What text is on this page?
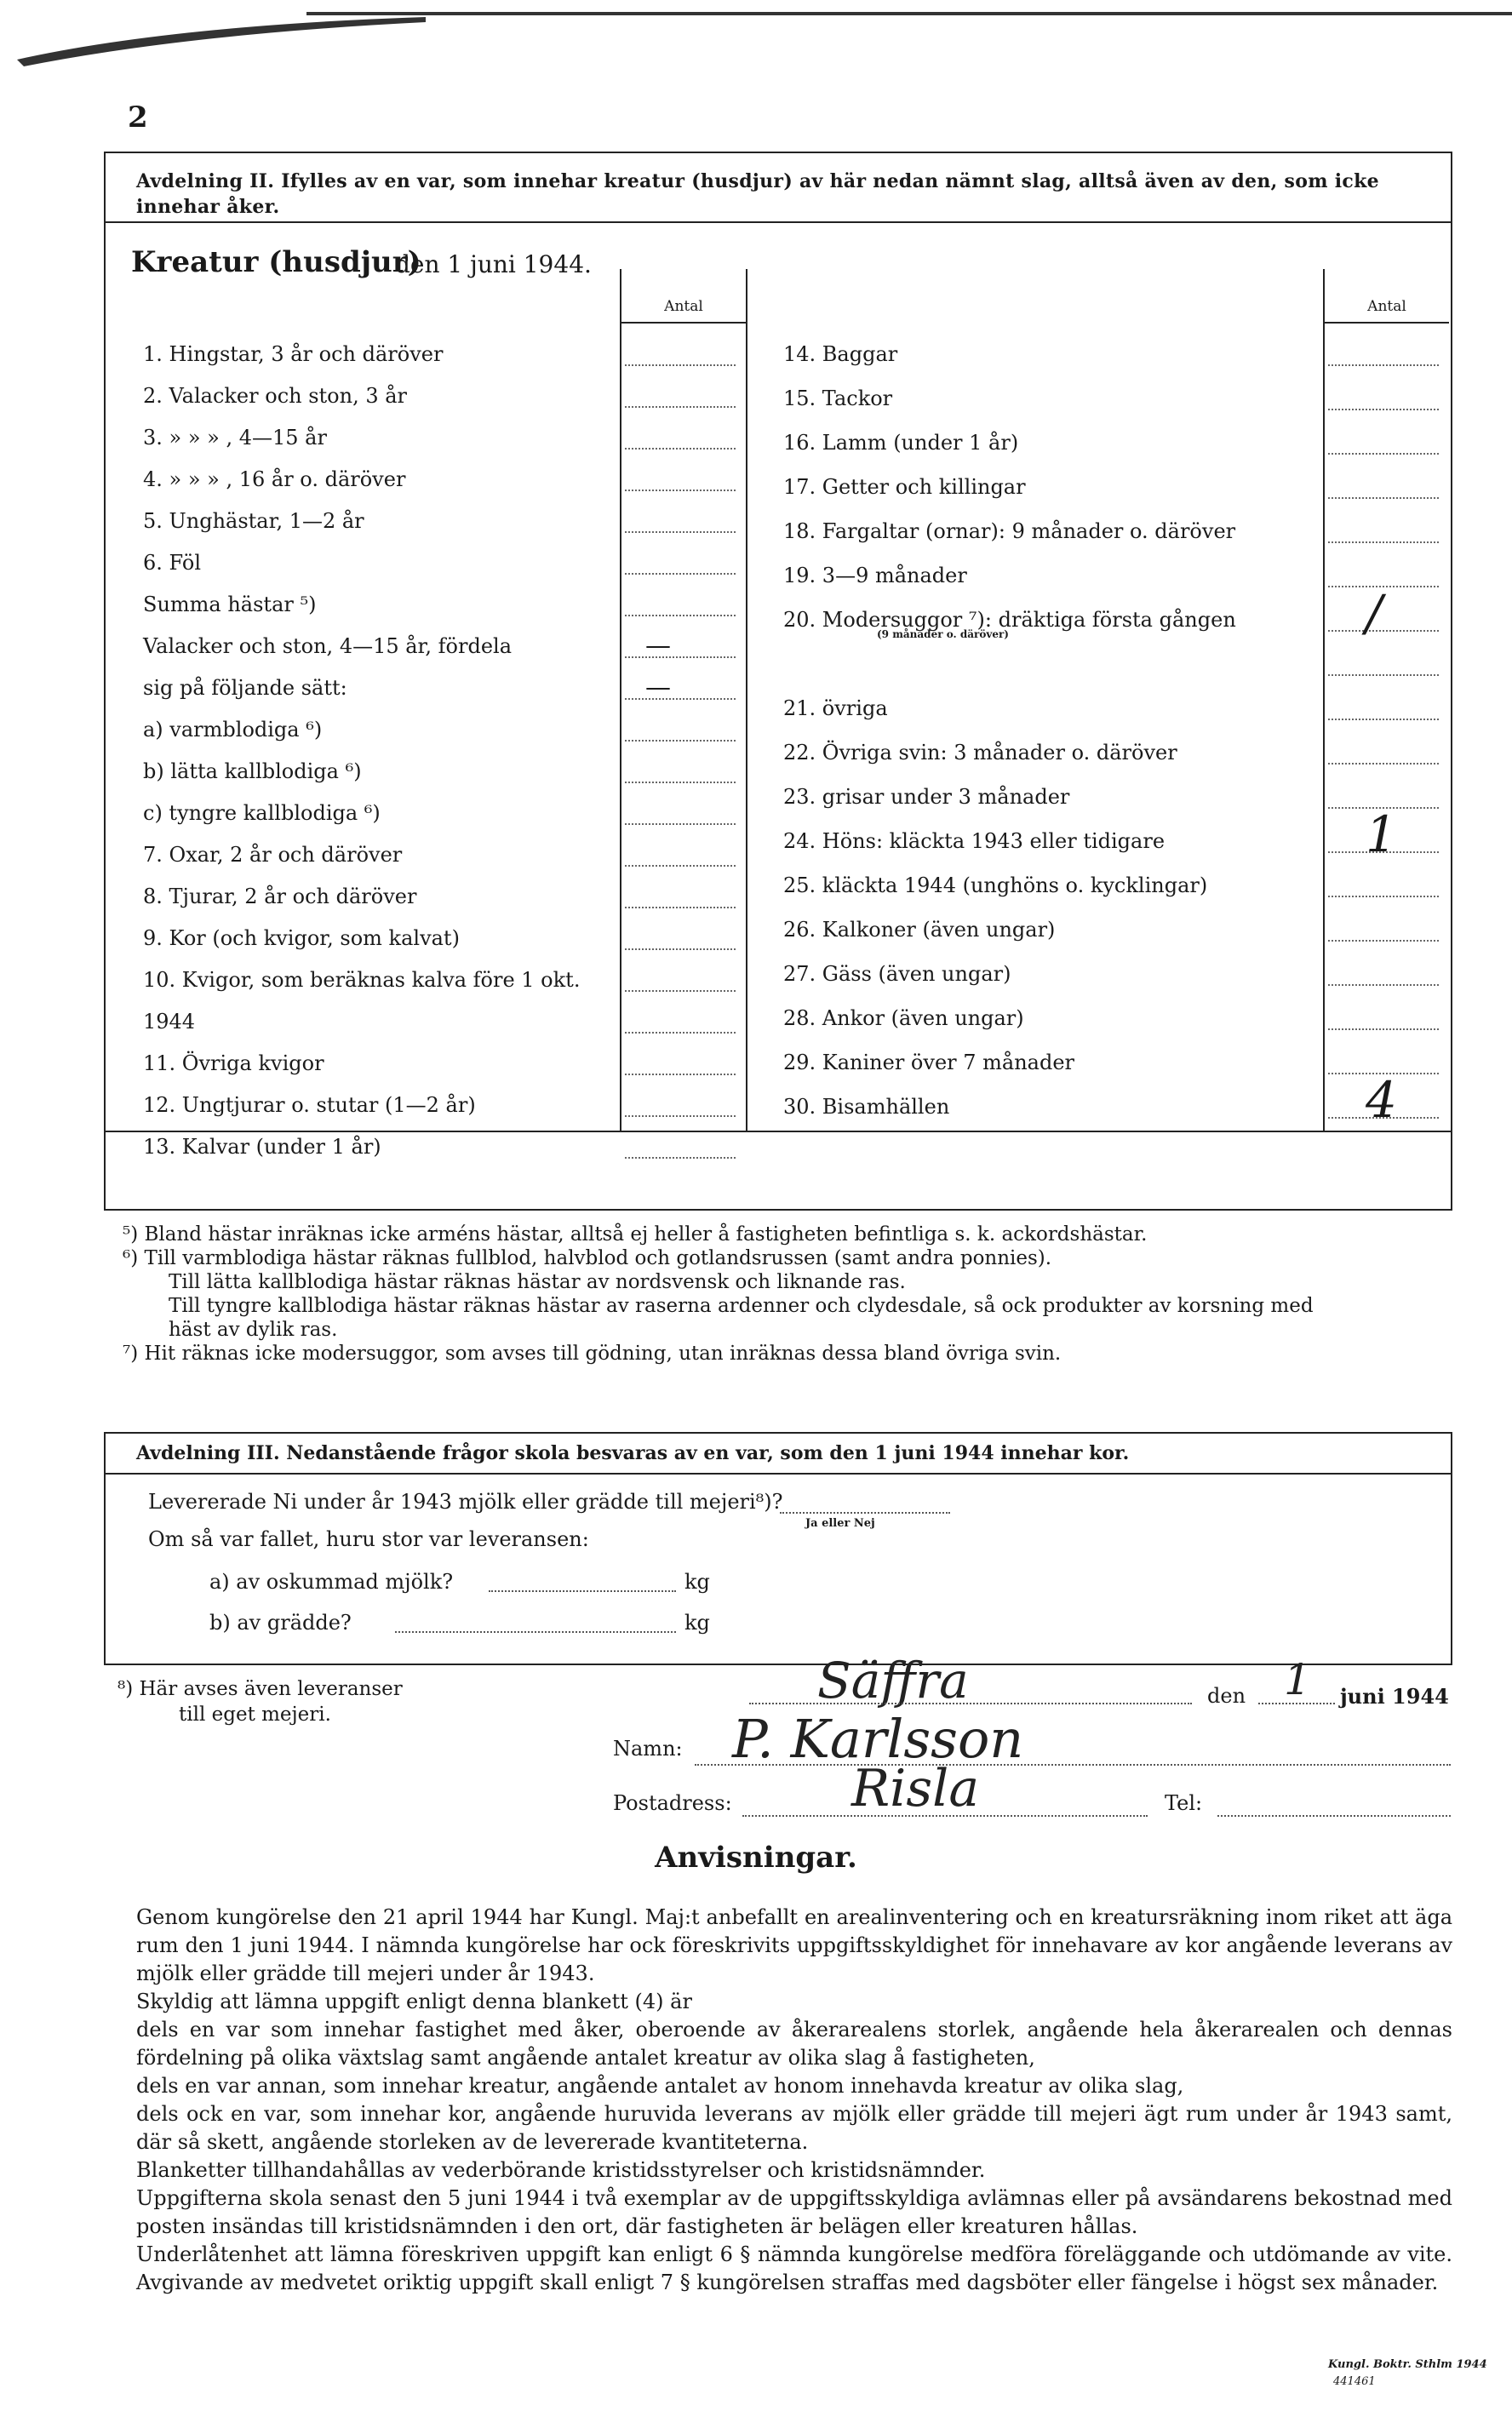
2
Avdelning II. Ifylles av en var, som innehar kreatur (husdjur) av här nedan nämnt slag, alltså även av den, som icke innehar åker.
Kreatur (husdjur)
den 1 juni 1944.
Antal	Antal
1. Hingstar, 3 år och däröver
2. Valacker och ston, 3 år
3. » » » , 4—15 år
4. » » » , 16 år o. däröver
5. Unghästar, 1—2 år
6. Föl
Summa hästar ⁵)
Valacker och ston, 4—15 år, fördela	—
sig på följande sätt:	—
a) varmblodiga ⁶)
b) lätta kallblodiga ⁶)
c) tyngre kallblodiga ⁶)
7. Oxar, 2 år och däröver
8. Tjurar, 2 år och däröver
9. Kor (och kvigor, som kalvat)
10. Kvigor, som beräknas kalva före 1 okt.
1944
11. Övriga kvigor
12. Ungtjurar o. stutar (1—2 år)
13. Kalvar (under 1 år)
14. Baggar
15. Tackor
16. Lamm (under 1 år)
17. Getter och killingar
18. Fargaltar (ornar): 9 månader o. däröver
19. 3—9 månader
20. Modersuggor ⁷): dräktiga första gången	/
(9 månader o. däröver)
21. övriga
22. Övriga svin: 3 månader o. däröver
23. grisar under 3 månader
24. Höns: kläckta 1943 eller tidigare	1
25. kläckta 1944 (unghöns o. kycklingar)
26. Kalkoner (även ungar)
27. Gäss (även ungar)
28. Ankor (även ungar)
29. Kaniner över 7 månader
30. Bisamhällen	4
⁵) Bland hästar inräknas icke arméns hästar, alltså ej heller å fastigheten befintliga s. k. ackordshästar.
⁶) Till varmblodiga hästar räknas fullblod, halvblod och gotlandsrussen (samt andra ponnies).
Till lätta kallblodiga hästar räknas hästar av nordsvensk och liknande ras.
Till tyngre kallblodiga hästar räknas hästar av raserna ardenner och clydesdale, så ock produkter av korsning med
häst av dylik ras.
⁷) Hit räknas icke modersuggor, som avses till gödning, utan inräknas dessa bland övriga svin.
Avdelning III. Nedanstående frågor skola besvaras av en var, som den 1 juni 1944 innehar kor.
Levererade Ni under år 1943 mjölk eller grädde till mejeri⁸)?
Ja eller Nej
Om så var fallet, huru stor var leveransen:
a) av oskummad mjölk?	kg
b) av grädde?	kg
⁸) Här avses även leveranser
till eget mejeri.
Säffra	den 1 juni 1944
Namn: P. Karlsson
Postadress: Risla	Tel:
Anvisningar.

Genom kungörelse den 21 april 1944 har Kungl. Maj:t anbefallt en arealinventering och en kreatursräkning inom riket att äga rum den 1 juni 1944. I nämnda kungörelse har ock föreskrivits uppgiftsskyldighet för innehavare av kor angående leverans av mjölk eller grädde till mejeri under år 1943.

Skyldig att lämna uppgift enligt denna blankett (4) är

dels en var som innehar fastighet med åker, oberoende av åkerarealens storlek, angående hela åkerarealen och dennas fördelning på olika växtslag samt angående antalet kreatur av olika slag å fastigheten,

dels en var annan, som innehar kreatur, angående antalet av honom innehavda kreatur av olika slag,

dels ock en var, som innehar kor, angående huruvida leverans av mjölk eller grädde till mejeri ägt rum under år 1943 samt, där så skett, angående storleken av de levererade kvantiteterna.

Blanketter tillhandahållas av vederbörande kristidsstyrelser och kristidsnämnder.

Uppgifterna skola senast den 5 juni 1944 i två exemplar av de uppgiftsskyldiga avlämnas eller på avsändarens bekostnad med posten insändas till kristidsnämnden i den ort, där fastigheten är belägen eller kreaturen hållas.

Underlåtenhet att lämna föreskriven uppgift kan enligt 6 § nämnda kungörelse medföra föreläggande och utdömande av vite. Avgivande av medvetet oriktig uppgift skall enligt 7 § kungörelsen straffas med dagsböter eller fängelse i högst sex månader.

Kungl. Boktr. Sthlm 1944
441461
